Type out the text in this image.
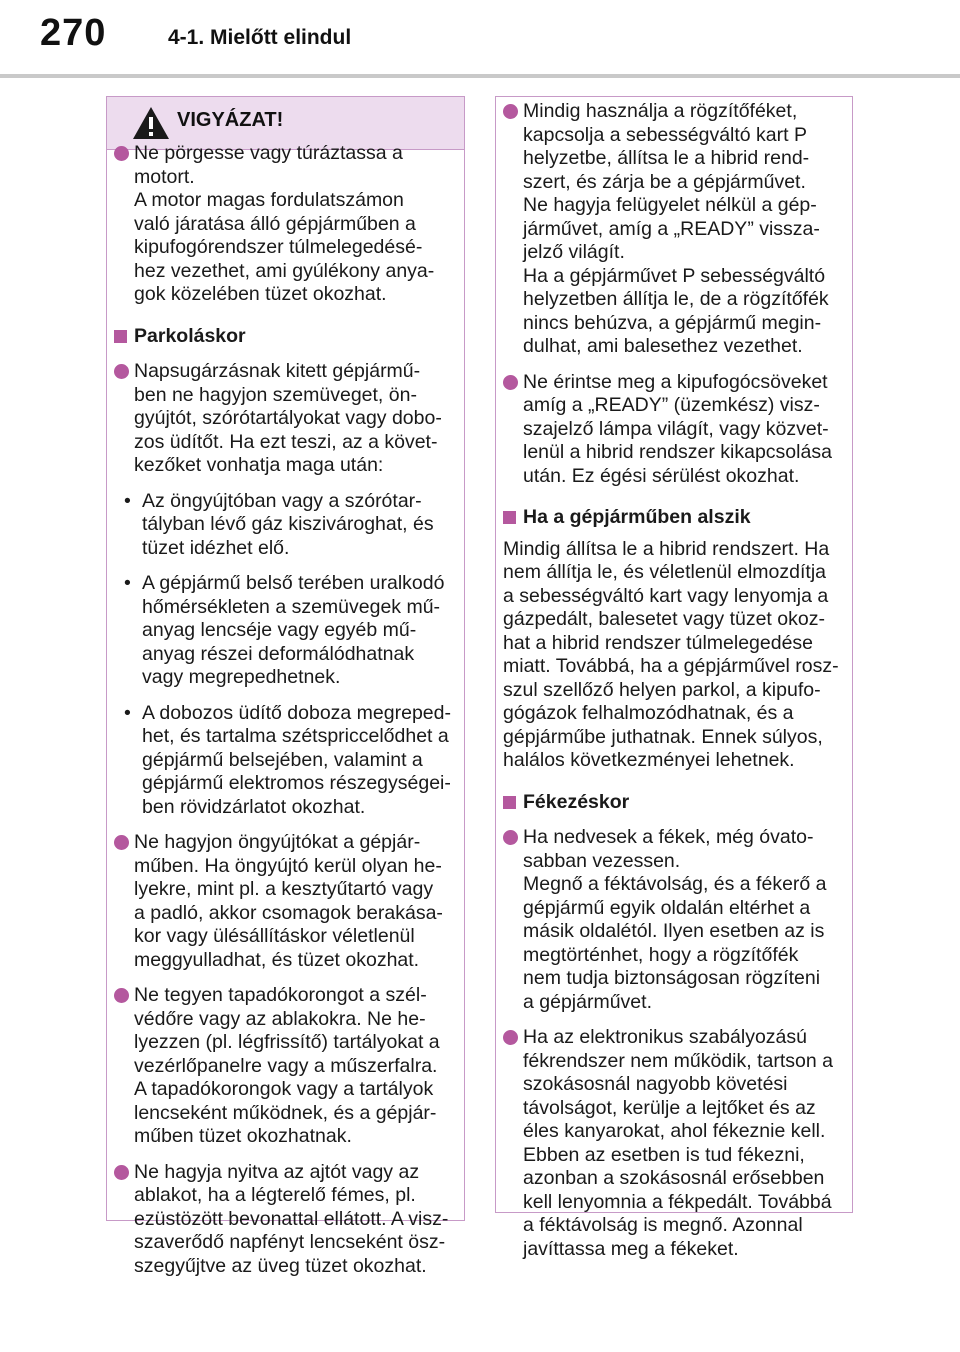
270	4-1. Mielőtt elindul
VIGYÁZAT!
Ne pörgesse vagy túráztassa a
motort.
A motor magas fordulatszámon
való járatása álló gépjárműben a
kipufogórendszer túlmelegedésé-
hez vezethet, ami gyúlékony anya-
gok közelében tüzet okozhat.
Parkoláskor
Napsugárzásnak kitett gépjármű-
ben ne hagyjon szemüveget, ön-
gyújtót, szórótartályokat vagy dobo-
zos üdítőt. Ha ezt teszi, az a követ-
kezőket vonhatja maga után:
• Az öngyújtóban vagy a szórótar-
tályban lévő gáz kiszivároghat, és
tüzet idézhet elő.
• A gépjármű belső terében uralkodó
hőmérsékleten a szemüvegek mű-
anyag lencséje vagy egyéb mű-
anyag részei deformálódhatnak
vagy megrepedhetnek.
• A dobozos üdítő doboza megreped-
het, és tartalma szétspriccelődhet a
gépjármű belsejében, valamint a
gépjármű elektromos részegységei-
ben rövidzárlatot okozhat.
Ne hagyjon öngyújtókat a gépjár-
műben. Ha öngyújtó kerül olyan he-
lyekre, mint pl. a kesztyűtartó vagy
a padló, akkor csomagok berakása-
kor vagy ülésállításkor véletlenül
meggyulladhat, és tüzet okozhat.
Ne tegyen tapadókorongot a szél-
védőre vagy az ablakokra. Ne he-
lyezzen (pl. légfrissítő) tartályokat a
vezérlőpanelre vagy a műszerfalra.
A tapadókorongok vagy a tartályok
lencseként működnek, és a gépjár-
műben tüzet okozhatnak.
Ne hagyja nyitva az ajtót vagy az
ablakot, ha a légterelő fémes, pl.
ezüstözött bevonattal ellátott. A visz-
szaverődő napfényt lencseként ösz-
szegyűjtve az üveg tüzet okozhat.
Mindig használja a rögzítőféket,
kapcsolja a sebességváltó kart P
helyzetbe, állítsa le a hibrid rend-
szert, és zárja be a gépjárművet.
Ne hagyja felügyelet nélkül a gép-
járművet, amíg a „READY” vissza-
jelző világít.
Ha a gépjárművet P sebességváltó
helyzetben állítja le, de a rögzítőfék
nincs behúzva, a gépjármű megin-
dulhat, ami balesethez vezethet.
Ne érintse meg a kipufogócsöveket
amíg a „READY” (üzemkész) visz-
szajelző lámpa világít, vagy közvet-
lenül a hibrid rendszer kikapcsolása
után. Ez égési sérülést okozhat.
Ha a gépjárműben alszik
Mindig állítsa le a hibrid rendszert. Ha
nem állítja le, és véletlenül elmozdítja
a sebességváltó kart vagy lenyomja a
gázpedált, balesetet vagy tüzet okoz-
hat a hibrid rendszer túlmelegedése
miatt. Továbbá, ha a gépjárművel rosz-
szul szellőző helyen parkol, a kipufo-
gógázok felhalmozódhatnak, és a
gépjárműbe juthatnak. Ennek súlyos,
halálos következményei lehetnek.
Fékezéskor
Ha nedvesek a fékek, még óvato-
sabban vezessen.
Megnő a féktávolság, és a fékerő a
gépjármű egyik oldalán eltérhet a
másik oldalétól. Ilyen esetben az is
megtörténhet, hogy a rögzítőfék
nem tudja biztonságosan rögzíteni
a gépjárművet.
Ha az elektronikus szabályozású
fékrendszer nem működik, tartson a
szokásosnál nagyobb követési
távolságot, kerülje a lejtőket és az
éles kanyarokat, ahol fékeznie kell.
Ebben az esetben is tud fékezni,
azonban a szokásosnál erősebben
kell lenyomnia a fékpedált. Továbbá
a féktávolság is megnő. Azonnal
javíttassa meg a fékeket.
